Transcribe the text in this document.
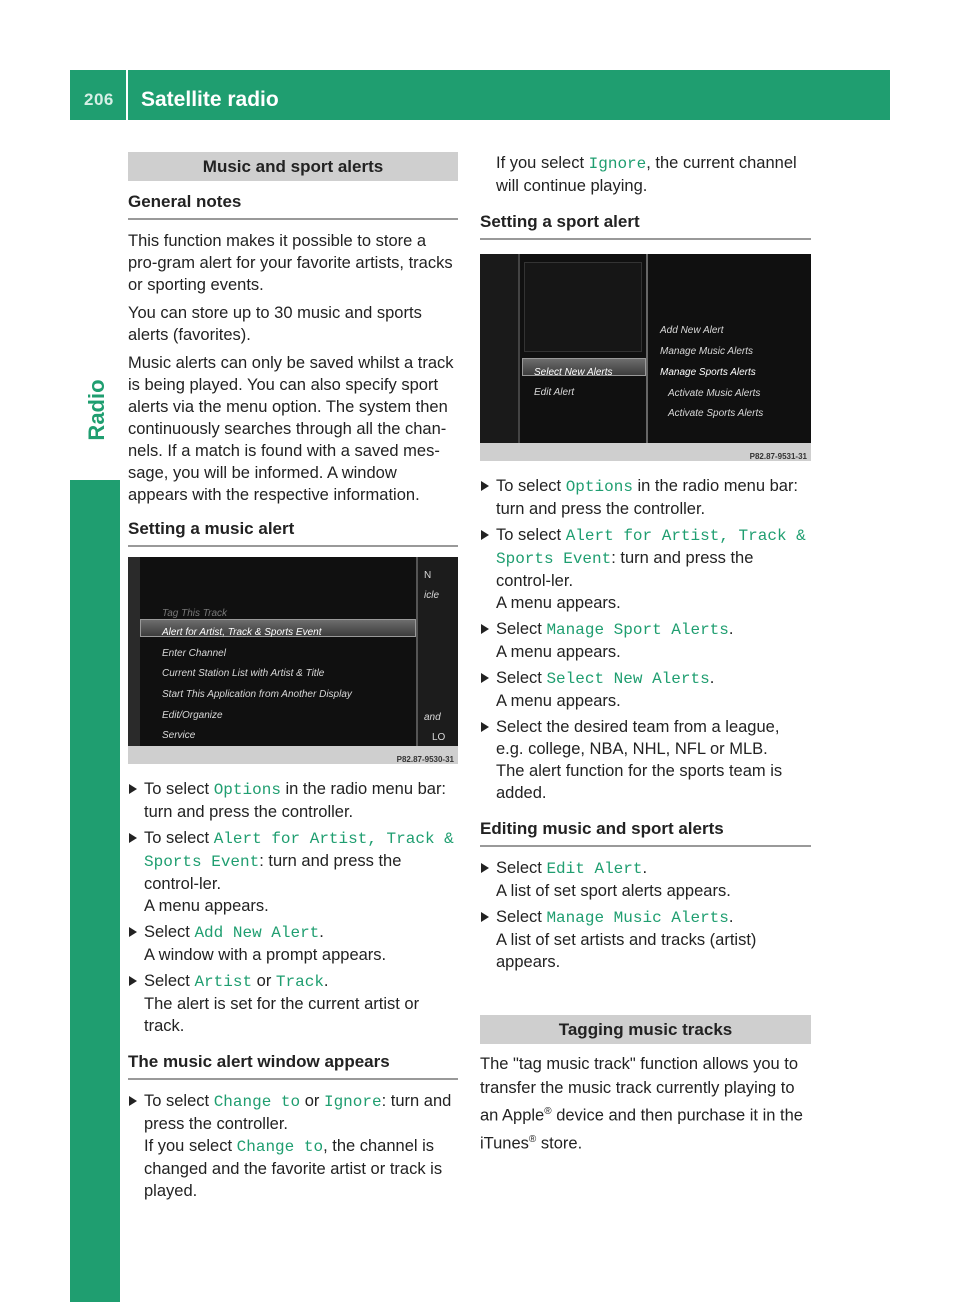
206 Satellite radio
Radio
Music and sport alerts
General notes

This function makes it possible to store a pro-gram alert for your favorite artists, tracks or sporting events.

You can store up to 30 music and sports alerts (favorites).

Music alerts can only be saved whilst a track is being played. You can also specify sport alerts via the menu option. The system then continuously searches through all the chan-nels. If a match is found with a saved mes-sage, you will be informed. A window appears with the respective information.

Setting a music alert
N
icle
and
LO
Tag This Track
Alert for Artist, Track & Sports Event
Enter Channel
Current Station List with Artist & Title
Start This Application from Another Display
Edit/Organize
Service
P82.87-9530-31
To select Options in the radio menu bar: turn and press the controller.
To select Alert for Artist, Track & Sports Event: turn and press the control-ler.
A menu appears.
Select Add New Alert.
A window with a prompt appears.
Select Artist or Track.
The alert is set for the current artist or track.
The music alert window appears
To select Change to or Ignore: turn and press the controller.
If you select Change to, the channel is changed and the favorite artist or track is played.
If you select Ignore, the current channel will continue playing.
Setting a sport alert
Select New Alerts
Edit Alert
Add New Alert
Manage Music Alerts
Manage Sports Alerts
Activate Music Alerts
Activate Sports Alerts
P82.87-9531-31
To select Options in the radio menu bar: turn and press the controller.
To select Alert for Artist, Track & Sports Event: turn and press the control-ler.
A menu appears.
Select Manage Sport Alerts.
A menu appears.
Select Select New Alerts.
A menu appears.
Select the desired team from a league, e.g. college, NBA, NHL, NFL or MLB.
The alert function for the sports team is added.
Editing music and sport alerts
Select Edit Alert.
A list of set sport alerts appears.
Select Manage Music Alerts.
A list of set artists and tracks (artist) appears.
Tagging music tracks

The "tag music track" function allows you to transfer the music track currently playing to an Apple® device and then purchase it in the iTunes® store.
